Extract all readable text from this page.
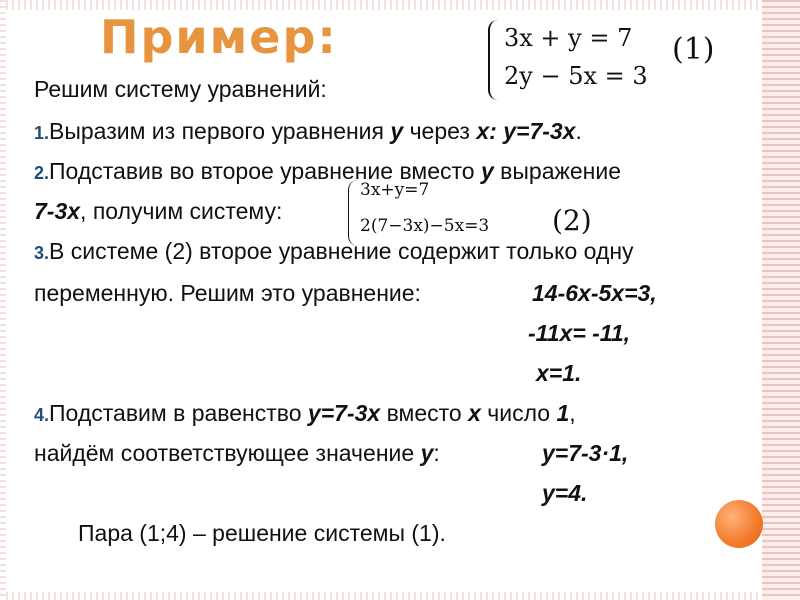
Пример:	3x + y = 7
2y − 5x = 3
(1)
Решим систему уравнений:
1.Выразим из первого уравнения y через x: y=7-3x.
2.Подставив во второе уравнение вместо y выражение
7-3x, получим систему:
3x+y=7
2(7−3x)−5x=3 (2)
3.В системе (2) второе уравнение содержит только одну
переменную. Решим это уравнение:	14-6x-5x=3,
-11x= -11,
x=1.
4.Подставим в равенство y=7-3x вместо x число 1,
найдём соответствующее значение y:	y=7-3·1,
y=4.
Пара (1;4) – решение системы (1).
